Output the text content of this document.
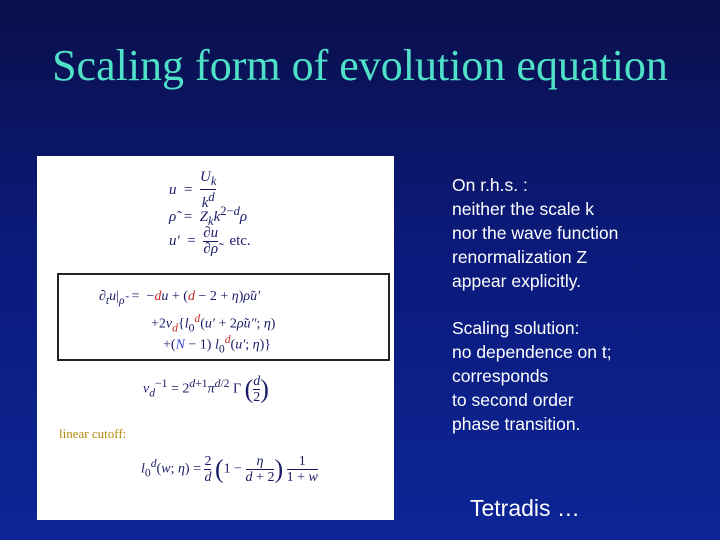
Scaling form of evolution equation
$u = \frac{U_k}{k^d}$
ρ̃  =  $Z_kk^{2-d}\rho$
$u' = \frac{\partial u}{\partial\rhõ}$ etc.
$\partial_tu|_{\rhõ} = -du + (d - 2$ + η)ρ̃u′
$+2v_d\{l_0^d(u'$ + 2ρ̃u″; η)
+(N − 1) $l_0^d(u'$; η)}
$v_d^{-1} = 2^{d+1}\pi^{d/2}$ Γ ( $\frac{d}{2}$ )
linear cutoff:
$l_0^d(w$; $\eta) = \frac{2}{d} (1 - \frac{\eta}{d + 2}$ ) $\frac{1}{1 + w}$
On r.h.s. :
neither the scale k
nor the wave function
renormalization Z
appear explicitly.
Scaling solution:
no dependence on t;
corresponds
to second order
phase transition.
Tetradis …
